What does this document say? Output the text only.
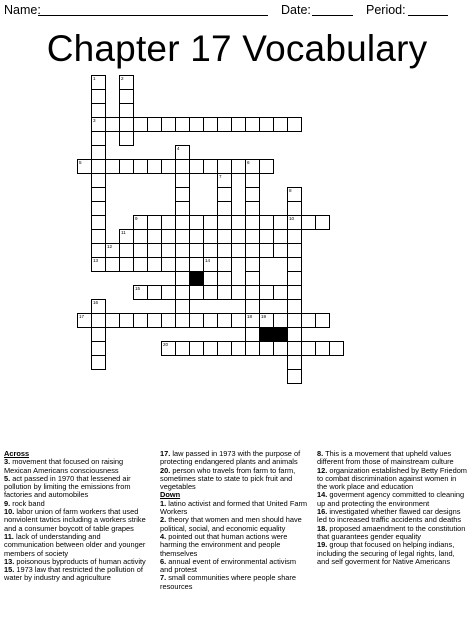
Name:	Date:	Period:
Chapter 17 Vocabulary
1
3
2
4
5	6
7
8
10
9
11
12
13	14
15
16
17	18 19
20
Across
3. movement that focused on raising Mexican Americans consciousness
5. act passed in 1970 that lessened air pollution by limiting the emissions from factories and automobiles
9. rock band
10. labor union of farm workers that used nonviolent tavtics including a workers strike and a consumer boycott of table grapes
11. lack of understanding and communication between older and younger members of society
13. poisonous byproducts of human activity
15. 1973 law that restricted the pollution of water by industry and agriculture
17. law passed in 1973 with the purpose of protecting endangered plants and animals
20. person who travels from farm to farm, sometimes state to state to pick fruit and vegetables
Down
1. latino activist and formed that United Farm Workers
2. theory that women and men should have political, social, and economic equality
4. pointed out that human actions were harming the environment and people themselves
6. annual event of environmental activism and protest
7. small communities where people share resources
8. This is a movement that upheld values different from those of mainstream culture
12. organization established by Betty Friedom to combat discrimination against women in the work place and education
14. goverment agency committed to cleaning up and protecting the environment
16. investigated whether flawed car designs led to increased traffic accidents and deaths
18. proposed amaendment to the constitution that guarantees gender equality
19. group that focused on helping indians, including the securing of legal rights, land, and self goverment for Native Americans
